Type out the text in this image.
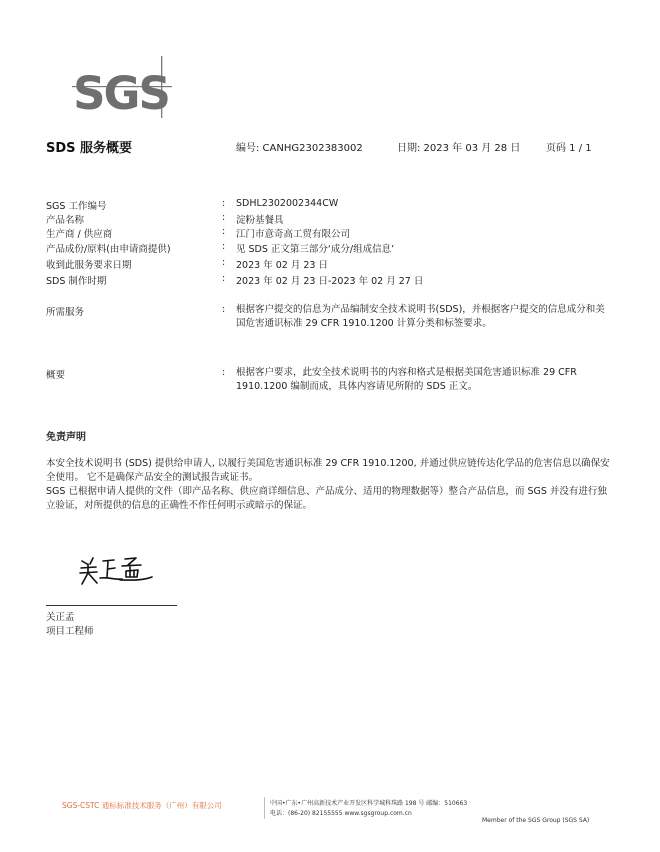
SGS
SDS 服务概要	编号: CANHG2302383002	日期: 2023 年 03 月 28 日	页码 1 / 1
SGS 工作编号	: SDHL2302002344CW
产品名称	: 淀粉基餐具
生产商 / 供应商	: 江门市意奇高工贸有限公司
产品成份/原料(由申请商提供)	: 见 SDS 正文第三部分‘成分/组成信息’
收到此服务要求日期	: 2023 年 02 月 23 日
SDS 制作时期	: 2023 年 02 月 23 日-2023 年 02 月 27 日
所需服务	: 根据客户提交的信息为产品编制安全技术说明书(SDS)，并根据客户提交的信息成分和美国危害通识标准 29 CFR 1910.1200 计算分类和标签要求。
概要	: 根据客户要求，此安全技术说明书的内容和格式是根据美国危害通识标准 29 CFR 1910.1200 编制而成，具体内容请见所附的 SDS 正文。
免责声明

本安全技术说明书 (SDS) 提供给申请人, 以履行美国危害通识标准 29 CFR 1910.1200, 并通过供应链传达化学品的危害信息以确保安全使用。 它不是确保产品安全的测试报告或证书。

SGS 已根据申请人提供的文件（即产品名称、供应商详细信息、产品成分、适用的物理数据等）整合产品信息，而 SGS 并没有进行独立验证，对所提供的信息的正确性不作任何明示或暗示的保证。

关正孟
项目工程师
SGS-CSTC 通标标准技术服务（广州）有限公司	中国•广东•广州高新技术产业开发区科学城科珠路 198 号 邮编：510663
电话：(86-20) 82155555 www.sgsgroup.com.cn
Member of the SGS Group (SGS SA)
